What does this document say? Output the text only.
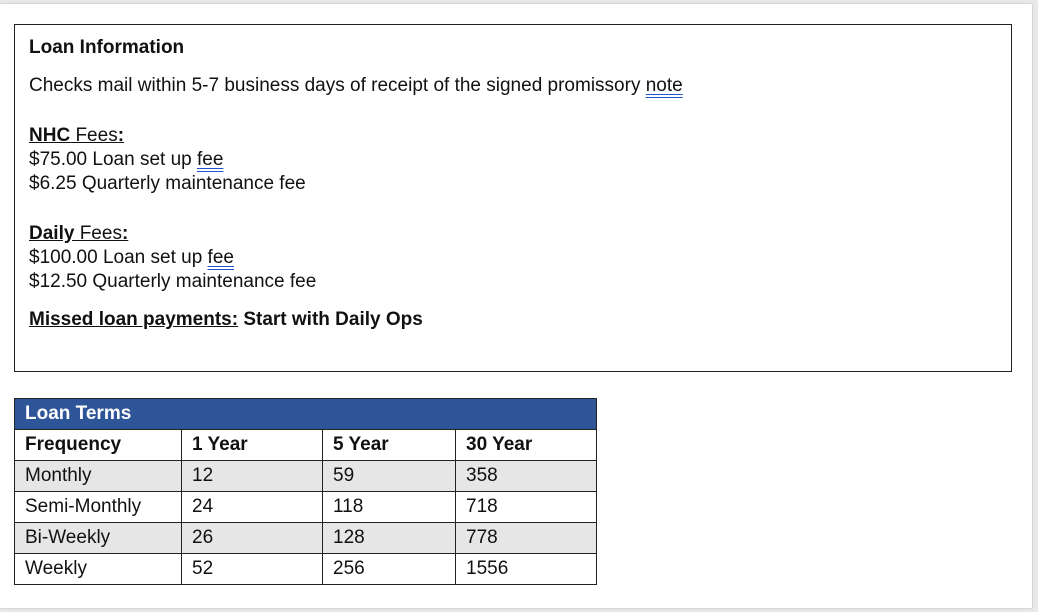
Loan Information

Checks mail within 5-7 business days of receipt of the signed promissory note

NHC Fees:

$75.00 Loan set up fee

$6.25 Quarterly maintenance fee

Daily Fees:

$100.00 Loan set up fee

$12.50 Quarterly maintenance fee

Missed loan payments: Start with Daily Ops

Loan Terms			
Frequency	1 Year	5 Year	30 Year
Monthly	12	59	358
Semi-Monthly	24	118	718
Bi-Weekly	26	128	778
Weekly	52	256	1556
